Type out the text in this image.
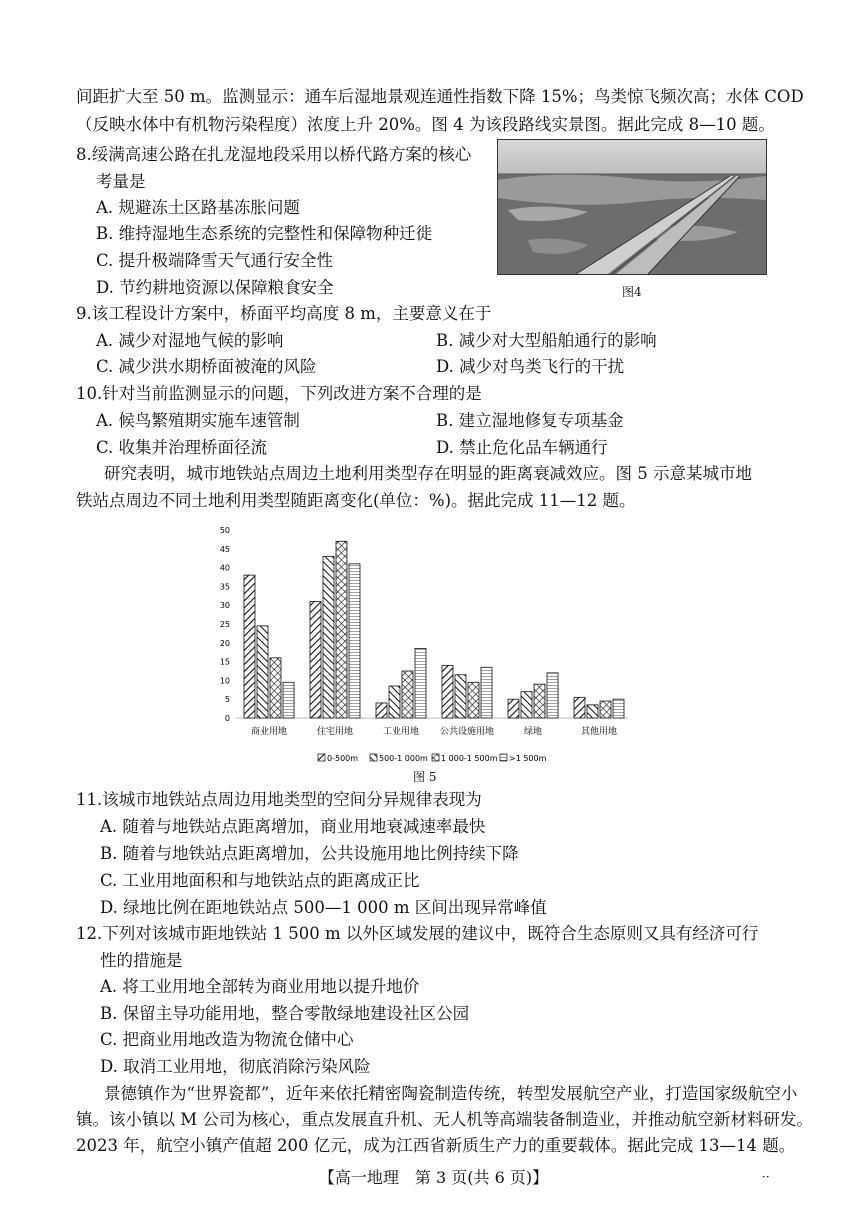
间距扩大至 50 m。监测显示：通车后湿地景观连通性指数下降 15%；鸟类惊飞频次高；水体 COD
（反映水体中有机物污染程度）浓度上升 20%。图 4 为该段路线实景图。据此完成 8—10 题。
8.绥满高速公路在扎龙湿地段采用以桥代路方案的核心
考量是
A. 规避冻土区路基冻胀问题
B. 维持湿地生态系统的完整性和保障物种迁徙
C. 提升极端降雪天气通行安全性
D. 节约耕地资源以保障粮食安全	图4
9.该工程设计方案中，桥面平均高度 8 m，主要意义在于
A. 减少对湿地气候的影响	B. 减少对大型船舶通行的影响
C. 减少洪水期桥面被淹的风险	D. 减少对鸟类飞行的干扰
10.针对当前监测显示的问题，下列改进方案不合理的是
A. 候鸟繁殖期实施车速管制	B. 建立湿地修复专项基金
C. 收集并治理桥面径流	D. 禁止危化品车辆通行
研究表明，城市地铁站点周边土地利用类型存在明显的距离衰减效应。图 5 示意某城市地
铁站点周边不同土地利用类型随距离变化(单位：%)。据此完成 11—12 题。
0
5
10
15
20
25
30
35
40
45
50
商业用地	住宅用地	工业用地 公共设施用地	绿地	其他用地
0-500m	500-1 000m 1 000-1 500m >1 500m
图 5
11.该城市地铁站点周边用地类型的空间分异规律表现为
A. 随着与地铁站点距离增加，商业用地衰减速率最快
B. 随着与地铁站点距离增加，公共设施用地比例持续下降
C. 工业用地面积和与地铁站点的距离成正比
D. 绿地比例在距地铁站点 500—1 000 m 区间出现异常峰值
12.下列对该城市距地铁站 1 500 m 以外区域发展的建议中，既符合生态原则又具有经济可行
性的措施是
A. 将工业用地全部转为商业用地以提升地价
B. 保留主导功能用地，整合零散绿地建设社区公园
C. 把商业用地改造为物流仓储中心
D. 取消工业用地，彻底消除污染风险
景德镇作为“世界瓷都”，近年来依托精密陶瓷制造传统，转型发展航空产业，打造国家级航空小
镇。该小镇以 M 公司为核心，重点发展直升机、无人机等高端装备制造业，并推动航空新材料研发。
2023 年，航空小镇产值超 200 亿元，成为江西省新质生产力的重要载体。据此完成 13—14 题。
【高一地理　第 3 页(共 6 页)】	··
